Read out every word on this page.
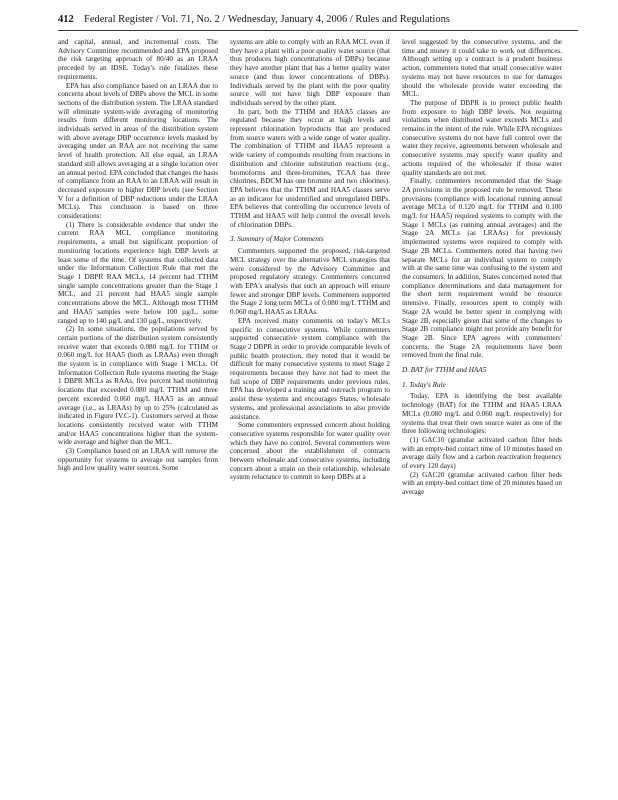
412 Federal Register / Vol. 71, No. 2 / Wednesday, January 4, 2006 / Rules and Regulations

and capital, annual, and incremental costs. The Advisory Committee recommended and EPA proposed the risk targeting approach of 80/40 as an LRAA preceded by an IDSE. Today's rule finalizes these requirements.

EPA has also compliance based on an LRAA due to concerns about levels of DBPs above the MCL in some sections of the distribution system. The LRAA standard will eliminate system-wide averaging of monitoring results from different monitoring locations. The individuals served in areas of the distribution system with above average DBP occurrence levels masked by averaging under an RAA are not receiving the same level of health protection. All else equal, an LRAA standard still allows averaging at a single location over an annual period. EPA concluded that changes the basis of compliance from an RAA to an LRAA will result in decreased exposure to higher DBP levels (see Section V for a definition of DBP reductions under the LRAA MCLs). This conclusion is based on three considerations:

(1) There is considerable evidence that under the current RAA MCL compliance monitoring requirements, a small but significant proportion of monitoring locations experience high DBP levels at least some of the time. Of systems that collected data under the Information Collection Rule that met the Stage 1 DBPR RAA MCLs, 14 percent had TTHM single sample concentrations greater than the Stage 1 MCL, and 21 percent had HAA5 single sample concentrations above the MCL. Although most TTHM and HAA5 samples were below 100 µg/L, some ranged up to 140 µg/L and 130 µg/L, respectively.

(2) In some situations, the populations served by certain portions of the distribution system consistently receive water that exceeds 0.080 mg/L for TTHM or 0.060 mg/L for HAA5 (both as LRAAs) even though the system is in compliance with Stage 1 MCLs. Of Information Collection Rule systems meeting the Stage 1 DBPR MCLs as RAAs, five percent had monitoring locations that exceeded 0.080 mg/L TTHM and three percent exceeded 0.060 mg/L HAA5 as an annual average (i.e., as LRAAs) by up to 25% (calculated as indicated in Figure IV.C-1). Customers served at those locations consistently received water with TTHM and/or HAA5 concentrations higher than the system-wide average and higher than the MCL.

(3) Compliance based on an LRAA will remove the opportunity for systems to average out samples from high and low quality water sources. Some

systems are able to comply with an RAA MCL even if they have a plant with a poor quality water source (that thus produces high concentrations of DBPs) because they have another plant that has a better quality water source (and thus lower concentrations of DBPs). Individuals served by the plant with the poor quality source will not have high DBP exposure than individuals served by the other plant.

In part, both the TTHM and HAA5 classes are regulated because they occur at high levels and represent chlorination byproducts that are produced from source waters with a wide range of water quality. The combination of TTHM and HAA5 represent a wide variety of compounds resulting from reactions in distribution and chlorine substitution reactions (e.g., bromoforms and three-bromines, TCAA has three chlorines, BDCM has one bromine and two chlorines). EPA believes that the TTHM and HAA5 classes serve as an indicator for unidentified and unregulated DBPs. EPA believes that controlling the occurrence levels of TTHM and HAA5 will help control the overall levels of chlorination DBPs.

3. Summary of Major Comments

Commenters supported the proposed, risk-targeted MCL strategy over the alternative MCL strategies that were considered by the Advisory Committee and proposed regulatory strategy. Commenters concurred with EPA's analysis that such an approach will ensure fewer and stronger DBP levels. Commenters supported the Stage 2 long term MCLs of 0.080 mg/L TTHM and 0.060 mg/L HAA5 as LRAAs.

EPA received many comments on today's MCLs specific to consecutive systems. While commenters supported consecutive system compliance with the Stage 2 DBPR in order to provide comparable levels of public health protection, they noted that it would be difficult for many consecutive systems to meet Stage 2 requirements because they have not had to meet the full scope of DBP requirements under previous rules. EPA has developed a training and outreach program to assist these systems and encourages States, wholesale systems, and professional associations to also provide assistance.

Some commenters expressed concern about holding consecutive systems responsible for water quality over which they have no control. Several commenters were concerned about the establishment of contracts between wholesale and consecutive systems, including concern about a strain on their relationship, wholesale system reluctance to commit to keep DBPs at a

level suggested by the consecutive systems, and the time and money it could take to work out differences. Although setting up a contract is a prudent business action, commenters noted that small consecutive water systems may not have resources to sue for damages should the wholesale provide water exceeding the MCL.

The purpose of DBPR is to protect public health from exposure to high DBP levels. Not requiring violations when distributed water exceeds MCLs and remains in the intent of the rule. While EPA recognizes consecutive systems do not have full control over the water they receive, agreements between wholesale and consecutive systems may specify water quality and actions required of the wholesaler if those water quality standards are not met.

Finally, commenters recommended that the Stage 2A provisions in the proposed rule be removed. These provisions (compliance with locational running annual average MCLs of 0.120 mg/L for TTHM and 0.100 mg/L for HAA5) required systems to comply with the Stage 1 MCLs (as running annual averages) and the Stage 2A MCLs (as LRAAs) for previously implemented systems were required to comply with Stage 2B MCLs. Commenters noted that having two separate MCLs for an individual system to comply with at the same time was confusing to the system and the consumers. In addition, States concerned noted that compliance determinations and data management for the short term requirement would be resource intensive. Finally, resources spent to comply with Stage 2A would be better spent in complying with Stage 2B, especially given that some of the changes to Stage 2B compliance might not provide any benefit for Stage 2B. Since EPA agrees with commenters' concerns, the Stage 2A requirements have been removed from the final rule.

D. BAT for TTHM and HAA5

1. Today's Rule

Today, EPA is identifying the best available technology (BAT) for the TTHM and HAA5 LRAA MCLs (0.080 mg/L and 0.060 mg/L respectively) for systems that treat their own source water as one of the three following technologies:

(1) GAC10 (granular activated carbon filter beds with an empty-bed contact time of 10 minutes based on average daily flow and a carbon reactivation frequency of every 120 days)

(2) GAC20 (granular activated carbon filter beds with an empty-bed contact time of 20 minutes based on average
